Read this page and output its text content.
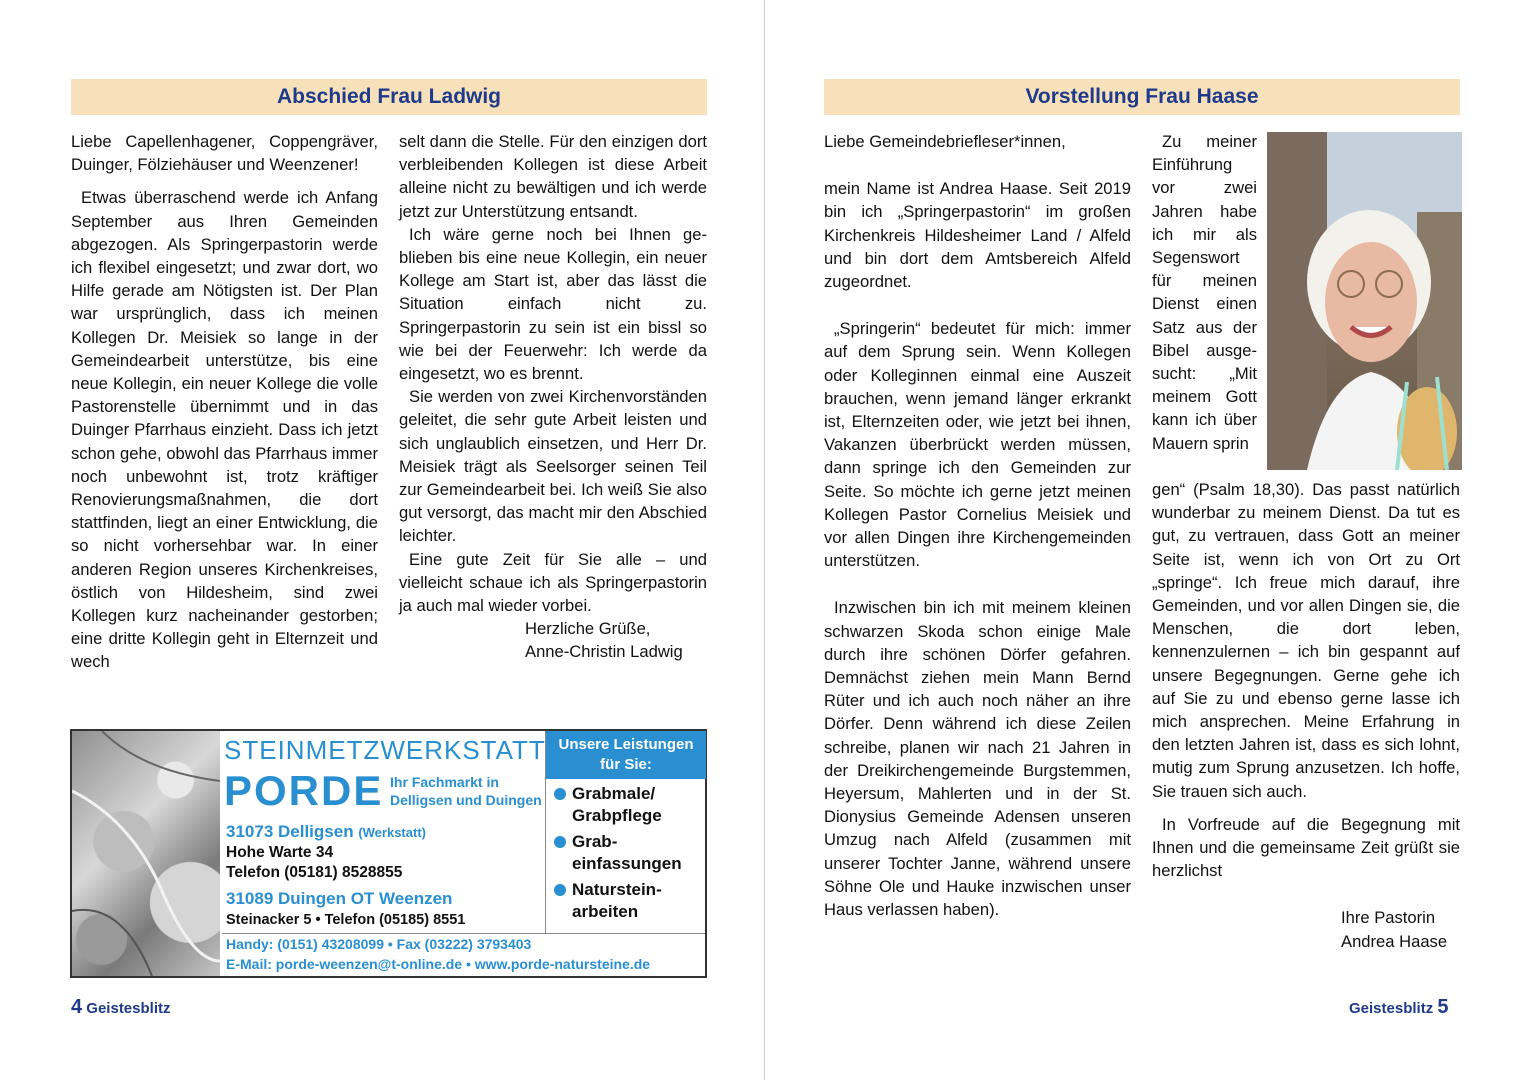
Abschied Frau Ladwig

Liebe Capellenhagener, Coppengräver, Duinger, Fölziehäuser und Weenzener!

Etwas überraschend werde ich Anfang September aus Ihren Gemeinden abgezogen. Als Springerpastorin werde ich flexibel eingesetzt; und zwar dort, wo Hilfe gerade am Nötigsten ist. Der Plan war ursprünglich, dass ich meinen Kollegen Dr. Meisiek so lange in der Gemeindearbeit unterstütze, bis eine neue Kollegin, ein neuer Kollege die volle Pastorenstelle übernimmt und in das Duinger Pfarrhaus einzieht. Dass ich jetzt schon gehe, obwohl das Pfarrhaus immer noch unbewohnt ist, trotz kräftiger Renovierungsmaßnahmen, die dort stattfinden, liegt an einer Entwicklung, die so nicht vorhersehbar war. In einer anderen Region unseres Kirchenkreises, östlich von Hildesheim, sind zwei Kollegen kurz nacheinander gestorben; eine dritte Kollegin geht in Elternzeit und wech

selt dann die Stelle. Für den einzigen dort verbleibenden Kollegen ist diese Arbeit alleine nicht zu bewältigen und ich werde jetzt zur Unterstützung entsandt.

Ich wäre gerne noch bei Ihnen geblieben bis eine neue Kollegin, ein neuer Kollege am Start ist, aber das lässt die Situation einfach nicht zu. Springerpastorin zu sein ist ein bissl so wie bei der Feuerwehr: Ich werde da eingesetzt, wo es brennt.

Sie werden von zwei Kirchenvorständen geleitet, die sehr gute Arbeit leisten und sich unglaublich einsetzen, und Herr Dr. Meisiek trägt als Seelsorger seinen Teil zur Gemeindearbeit bei. Ich weiß Sie also gut versorgt, das macht mir den Abschied leichter.

Eine gute Zeit für Sie alle – und vielleicht schaue ich als Springerpastorin ja auch mal wieder vorbei.

Herzliche Grüße,

Anne-Christin Ladwig

STEINMETZWERKSTATT
PORDE Ihr Fachmarkt in
Delligsen und Duingen
31073 Delligsen (Werkstatt)
Hohe Warte 34
Telefon (05181) 8528855
31089 Duingen OT Weenzen
Steinacker 5 • Telefon (05185) 8551
Unsere Leistungen
für Sie:
Grabmale/ Grabpflege
Grabeinfassungen
Natursteinarbeiten
Handy: (0151) 43208099 • Fax (03222) 3793403
E-Mail: porde-weenzen@t-online.de • www.porde-natursteine.de
4 Geistesblitz
Vorstellung Frau Haase

Liebe Gemeindebriefleser*innen,

mein Name ist Andrea Haase. Seit 2019 bin ich „Springerpastorin“ im großen Kirchenkreis Hildesheimer Land / Alfeld und bin dort dem Amtsbereich Alfeld zugeordnet.

„Springerin“ bedeutet für mich: immer auf dem Sprung sein. Wenn Kollegen oder Kolleginnen einmal eine Auszeit brauchen, wenn jemand länger erkrankt ist, Elternzeiten oder, wie jetzt bei ihnen, Vakanzen überbrückt werden müssen, dann springe ich den Gemeinden zur Seite. So möchte ich gerne jetzt meinen Kollegen Pastor Cornelius Meisiek und vor allen Dingen ihre Kirchengemeinden unterstützen.

Inzwischen bin ich mit meinem kleinen schwarzen Skoda schon einige Male durch ihre schönen Dörfer gefahren. Demnächst ziehen mein Mann Bernd Rüter und ich auch noch näher an ihre Dörfer. Denn während ich diese Zeilen schreibe, planen wir nach 21 Jahren in der Dreikirchengemeinde Burgstemmen, Heyersum, Mahlerten und in der St. Dionysius Gemeinde Adensen unseren Umzug nach Alfeld (zusammen mit unserer Tochter Janne, während unsere Söhne Ole und Hauke inzwischen unser Haus verlassen haben).

Zu meiner Einführung vor zwei Jahren habe ich mir als Segenswort für meinen Dienst einen Satz aus der Bibel ausgesucht: „Mit meinem Gott kann ich über Mauern sprin

gen“ (Psalm 18,30). Das passt natürlich wunderbar zu meinem Dienst. Da tut es gut, zu vertrauen, dass Gott an meiner Seite ist, wenn ich von Ort zu Ort „springe“. Ich freue mich darauf, ihre Gemeinden, und vor allen Dingen sie, die Menschen, die dort leben, kennenzulernen – ich bin gespannt auf unsere Begegnungen. Gerne gehe ich auf Sie zu und ebenso gerne lasse ich mich ansprechen. Meine Erfahrung in den letzten Jahren ist, dass es sich lohnt, mutig zum Sprung anzusetzen. Ich hoffe, Sie trauen sich auch.

In Vorfreude auf die Begegnung mit Ihnen und die gemeinsame Zeit grüßt sie herzlichst

Ihre Pastorin

Andrea Haase

Geistesblitz 5
